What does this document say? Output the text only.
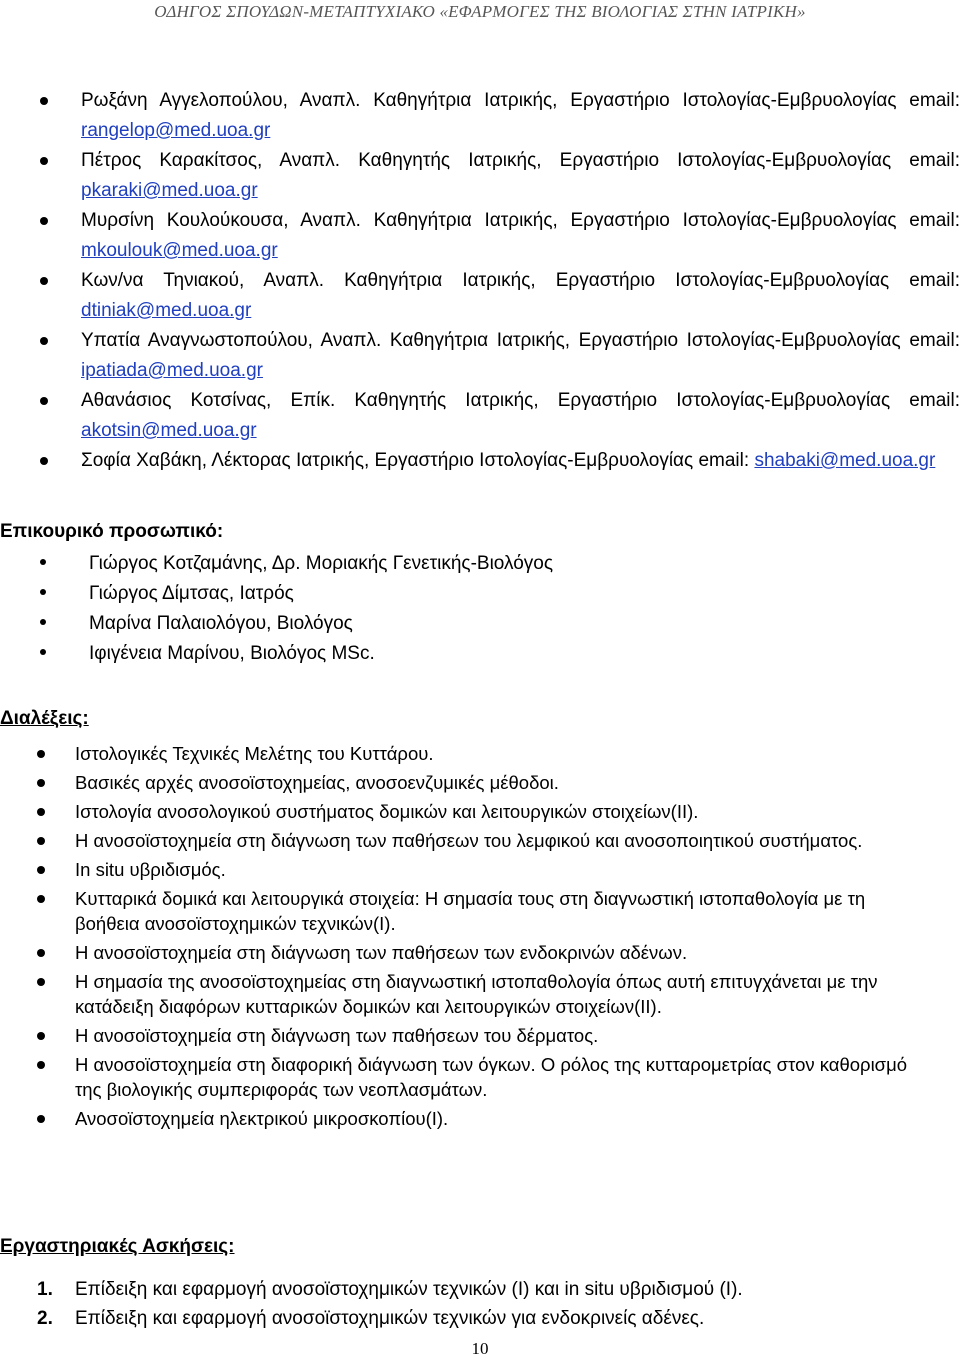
ΟΔΗΓΟΣ ΣΠΟΥΔΩΝ-ΜΕΤΑΠΤΥΧΙΑΚΟ «ΕΦΑΡΜΟΓΕΣ ΤΗΣ ΒΙΟΛΟΓΙΑΣ ΣΤΗΝ ΙΑΤΡΙΚΗ»
Ρωξάνη Αγγελοπούλου, Αναπλ. Καθηγήτρια Ιατρικής, Εργαστήριο Ιστολογίας-Εμβρυολογίας email: rangelop@med.uoa.gr
Πέτρος Καρακίτσος, Αναπλ. Καθηγητής Ιατρικής, Εργαστήριο Ιστολογίας-Εμβρυολογίας email: pkaraki@med.uoa.gr
Μυρσίνη Κουλούκουσα, Αναπλ. Καθηγήτρια Ιατρικής, Εργαστήριο Ιστολογίας-Εμβρυολογίας email: mkoulouk@med.uoa.gr
Κων/να Τηνιακού, Αναπλ. Καθηγήτρια Ιατρικής, Εργαστήριο Ιστολογίας-Εμβρυολογίας email: dtiniak@med.uoa.gr
Υπατία Αναγνωστοπούλου, Αναπλ. Καθηγήτρια Ιατρικής, Εργαστήριο Ιστολογίας-Εμβρυολογίας email: ipatiada@med.uoa.gr
Αθανάσιος Κοτσίνας, Επίκ. Καθηγητής Ιατρικής, Εργαστήριο Ιστολογίας-Εμβρυολογίας email: akotsin@med.uoa.gr
Σοφία Χαβάκη, Λέκτορας Ιατρικής, Εργαστήριο Ιστολογίας-Εμβρυολογίας email: shabaki@med.uoa.gr
Επικουρικό προσωπικό:
Γιώργος Κοτζαμάνης, Δρ. Μοριακής Γενετικής-Βιολόγος
Γιώργος Δίμτσας, Ιατρός
Μαρίνα Παλαιολόγου, Βιολόγος
Ιφιγένεια Μαρίνου, Βιολόγος MSc.
Διαλέξεις:
Ιστολογικές Τεχνικές Μελέτης του Κυττάρου.
Βασικές αρχές ανοσοϊστοχημείας, ανοσοενζυμικές μέθοδοι.
Ιστολογία ανοσολογικού συστήματος δομικών και λειτουργικών στοιχείων(ΙΙ).
Η ανοσοϊστοχημεία στη διάγνωση των παθήσεων του λεμφικού και ανοσοποιητικού συστήματος.
In situ υβριδισμός.
Κυτταρικά δομικά και λειτουργικά στοιχεία: Η σημασία τους στη διαγνωστική ιστοπαθολογία με τη βοήθεια ανοσοϊστοχημικών τεχνικών(Ι).
Η ανοσοϊστοχημεία στη διάγνωση των παθήσεων των ενδοκρινών αδένων.
Η σημασία της ανοσοϊστοχημείας στη διαγνωστική ιστοπαθολογία όπως αυτή επιτυγχάνεται με την κατάδειξη διαφόρων κυτταρικών δομικών και λειτουργικών στοιχείων(ΙΙ).
Η ανοσοϊστοχημεία στη διάγνωση των παθήσεων του δέρματος.
Η ανοσοϊστοχημεία στη διαφορική διάγνωση των όγκων. Ο ρόλος της κυτταρομετρίας στον καθορισμό της βιολογικής συμπεριφοράς των νεοπλασμάτων.
Ανοσοϊστοχημεία ηλεκτρικού μικροσκοπίου(Ι).
Εργαστηριακές Ασκήσεις:
1. Επίδειξη και εφαρμογή ανοσοϊστοχημικών τεχνικών (Ι) και in situ υβριδισμού (Ι).
2. Επίδειξη και εφαρμογή ανοσοϊστοχημικών τεχνικών για ενδοκρινείς αδένες.
10
